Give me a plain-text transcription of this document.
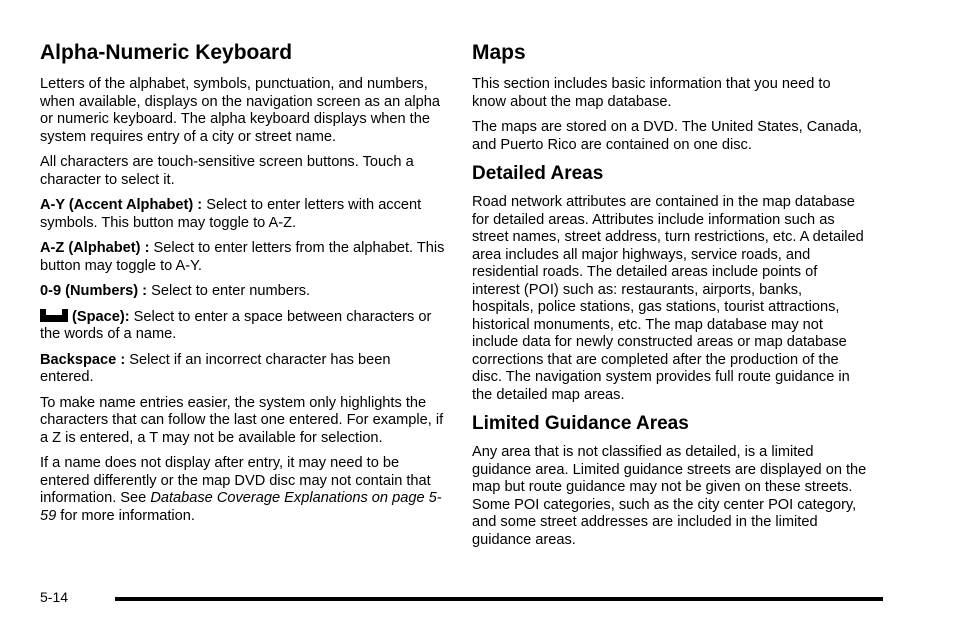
Alpha-Numeric Keyboard

Letters of the alphabet, symbols, punctuation, and numbers, when available, displays on the navigation screen as an alpha or numeric keyboard. The alpha keyboard displays when the system requires entry of a city or street name.

All characters are touch-sensitive screen buttons. Touch a character to select it.

A-Y (Accent Alphabet) : Select to enter letters with accent symbols. This button may toggle to A-Z.

A-Z (Alphabet) : Select to enter letters from the alphabet. This button may toggle to A-Y.

0-9 (Numbers) : Select to enter numbers.

(Space): Select to enter a space between characters or the words of a name.

Backspace : Select if an incorrect character has been entered.

To make name entries easier, the system only highlights the characters that can follow the last one entered. For example, if a Z is entered, a T may not be available for selection.

If a name does not display after entry, it may need to be entered differently or the map DVD disc may not contain that information. See Database Coverage Explanations on page 5-59 for more information.

Maps

This section includes basic information that you need to know about the map database.

The maps are stored on a DVD. The United States, Canada, and Puerto Rico are contained on one disc.

Detailed Areas

Road network attributes are contained in the map database for detailed areas. Attributes include information such as street names, street address, turn restrictions, etc. A detailed area includes all major highways, service roads, and residential roads. The detailed areas include points of interest (POI) such as: restaurants, airports, banks, hospitals, police stations, gas stations, tourist attractions, historical monuments, etc. The map database may not include data for newly constructed areas or map database corrections that are completed after the production of the disc. The navigation system provides full route guidance in the detailed map areas.

Limited Guidance Areas

Any area that is not classified as detailed, is a limited guidance area. Limited guidance streets are displayed on the map but route guidance may not be given on these streets. Some POI categories, such as the city center POI category, and some street addresses are included in the limited guidance areas.

5-14
